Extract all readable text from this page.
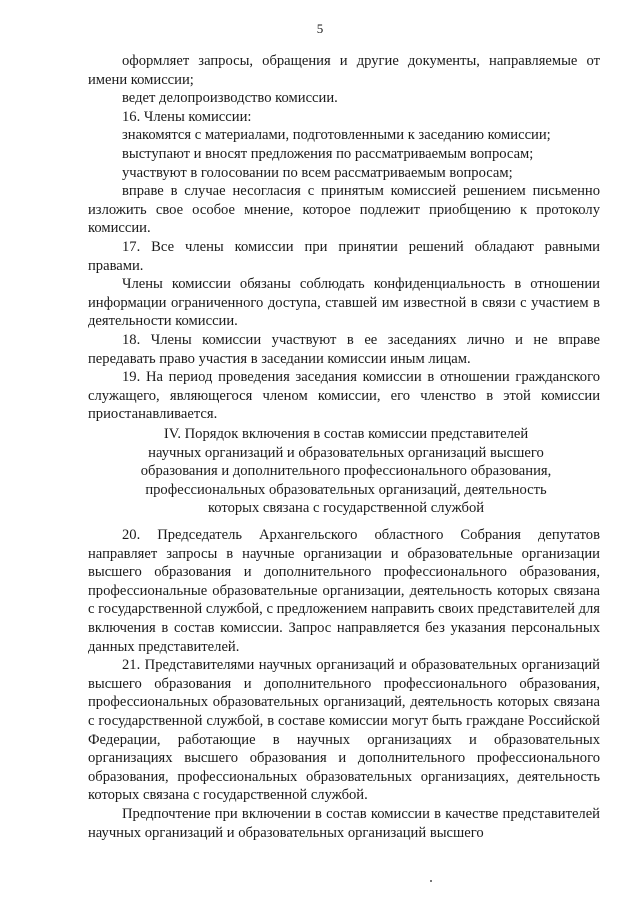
5

оформляет запросы, обращения и другие документы, направляемые от имени комиссии;

ведет делопроизводство комиссии.

16. Члены комиссии:

знакомятся с материалами, подготовленными к заседанию комиссии;

выступают и вносят предложения по рассматриваемым вопросам;

участвуют в голосовании по всем рассматриваемым вопросам;

вправе в случае несогласия с принятым комиссией решением письменно изложить свое особое мнение, которое подлежит приобщению к протоколу комиссии.

17. Все члены комиссии при принятии решений обладают равными правами.

Члены комиссии обязаны соблюдать конфиденциальность в отношении информации ограниченного доступа, ставшей им известной в связи с участием в деятельности комиссии.

18. Члены комиссии участвуют в ее заседаниях лично и не вправе передавать право участия в заседании комиссии иным лицам.

19. На период проведения заседания комиссии в отношении гражданского служащего, являющегося членом комиссии, его членство в этой комиссии приостанавливается.

IV. Порядок включения в состав комиссии представителей научных организаций и образовательных организаций высшего образования и дополнительного профессионального образования, профессиональных образовательных организаций, деятельность которых связана с государственной службой

20. Председатель Архангельского областного Собрания депутатов направляет запросы в научные организации и образовательные организации высшего образования и дополнительного профессионального образования, профессиональные образовательные организации, деятельность которых связана с государственной службой, с предложением направить своих представителей для включения в состав комиссии. Запрос направляется без указания персональных данных представителей.

21. Представителями научных организаций и образовательных организаций высшего образования и дополнительного профессионального образования, профессиональных образовательных организаций, деятельность которых связана с государственной службой, в составе комиссии могут быть граждане Российской Федерации, работающие в научных организациях и образовательных организациях высшего образования и дополнительного профессионального образования, профессиональных образовательных организациях, деятельность которых связана с государственной службой.

Предпочтение при включении в состав комиссии в качестве представителей научных организаций и образовательных организаций высшего
